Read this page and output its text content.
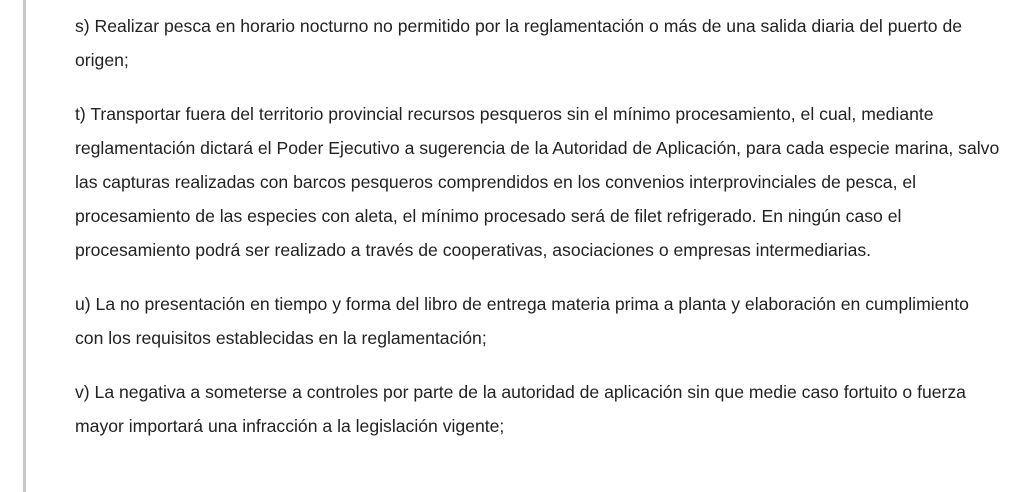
s) Realizar pesca en horario nocturno no permitido por la reglamentación o más de una salida diaria del puerto de origen;

t) Transportar fuera del territorio provincial recursos pesqueros sin el mínimo procesamiento, el cual, mediante reglamentación dictará el Poder Ejecutivo a sugerencia de la Autoridad de Aplicación, para cada especie marina, salvo las capturas realizadas con barcos pesqueros comprendidos en los convenios interprovinciales de pesca, el procesamiento de las especies con aleta, el mínimo procesado será de filet refrigerado. En ningún caso el procesamiento podrá ser realizado a través de cooperativas, asociaciones o empresas intermediarias.

u) La no presentación en tiempo y forma del libro de entrega materia prima a planta y elaboración en cumplimiento con los requisitos establecidas en la reglamentación;

v) La negativa a someterse a controles por parte de la autoridad de aplicación sin que medie caso fortuito o fuerza mayor importará una infracción a la legislación vigente;
